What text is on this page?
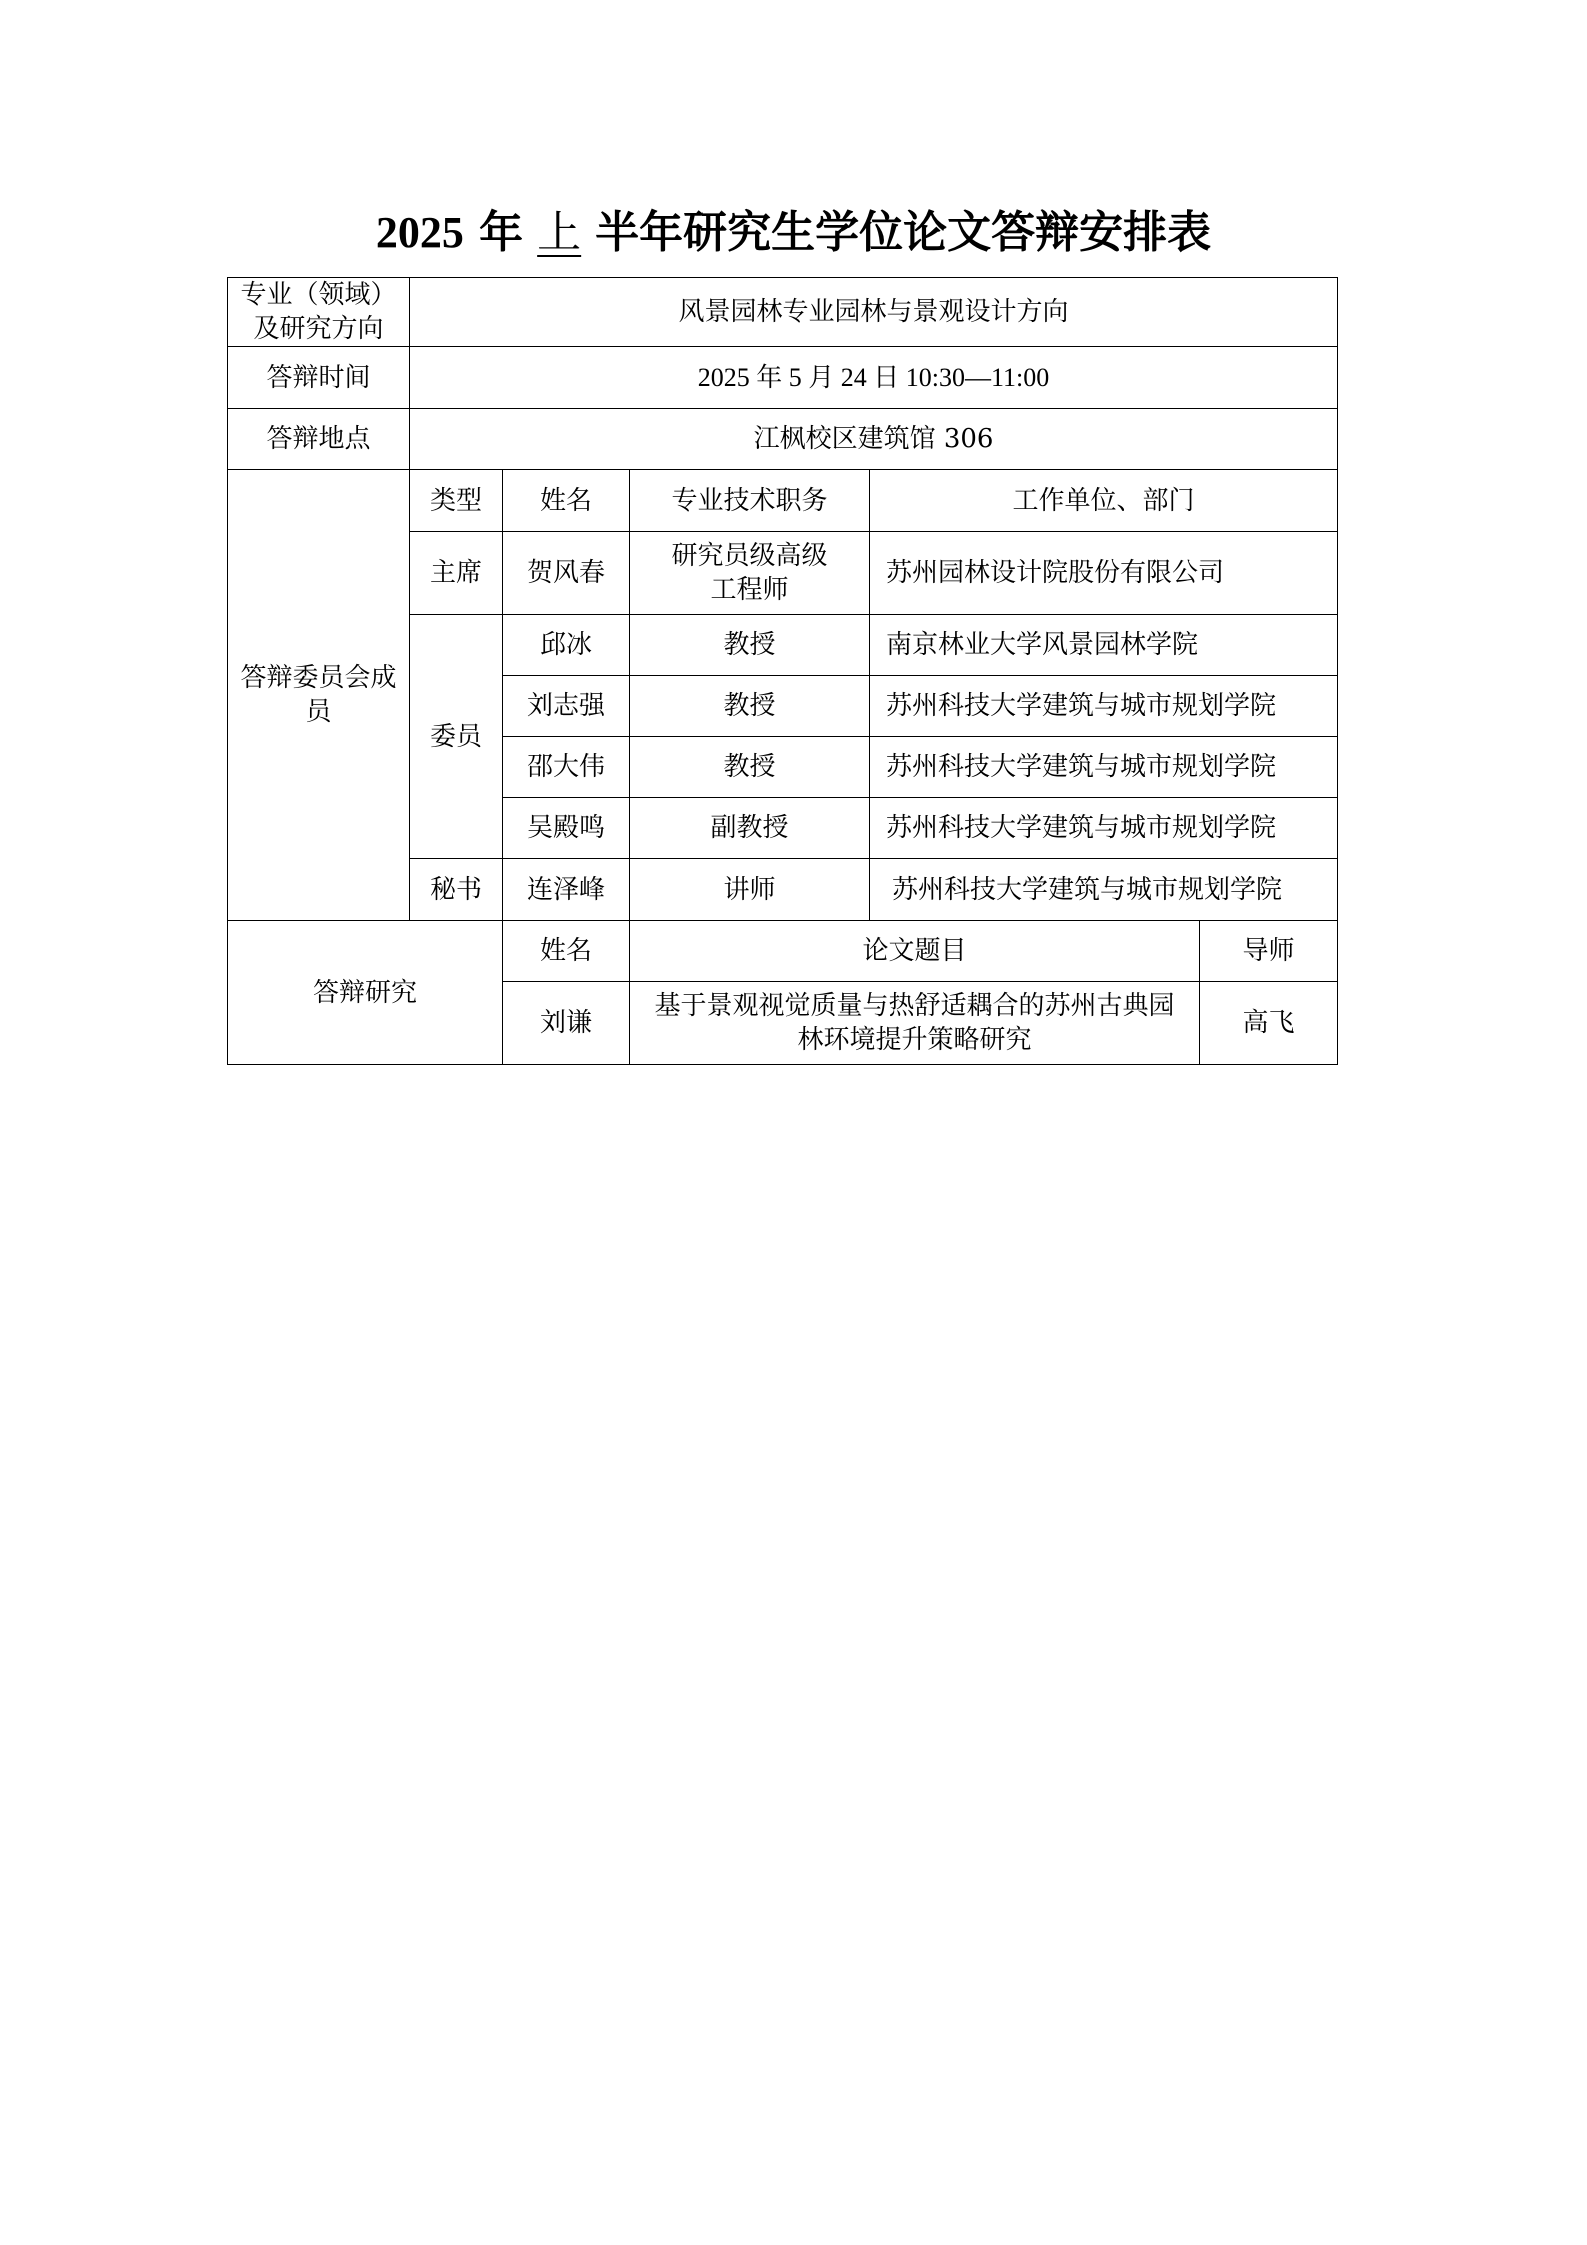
2025 年 上 半年研究生学位论文答辩安排表
专业（领域）及研究方向	风景园林专业园林与景观设计方向				
答辩时间	2025 年 5 月 24 日 10:30—11:00				
答辩地点	江枫校区建筑馆 306				
答辩委员会成员	类型	姓名	专业技术职务	工作单位、部门	
	主席	贺风春	研究员级高级工程师	苏州园林设计院股份有限公司	
	委员	邱冰	教授	南京林业大学风景园林学院	
		刘志强	教授	苏州科技大学建筑与城市规划学院	
		邵大伟	教授	苏州科技大学建筑与城市规划学院	
		吴殿鸣	副教授	苏州科技大学建筑与城市规划学院	
	秘书	连泽峰	讲师	苏州科技大学建筑与城市规划学院	
答辩研究		姓名	论文题目		导师
		刘谦	基于景观视觉质量与热舒适耦合的苏州古典园林环境提升策略研究		高飞
